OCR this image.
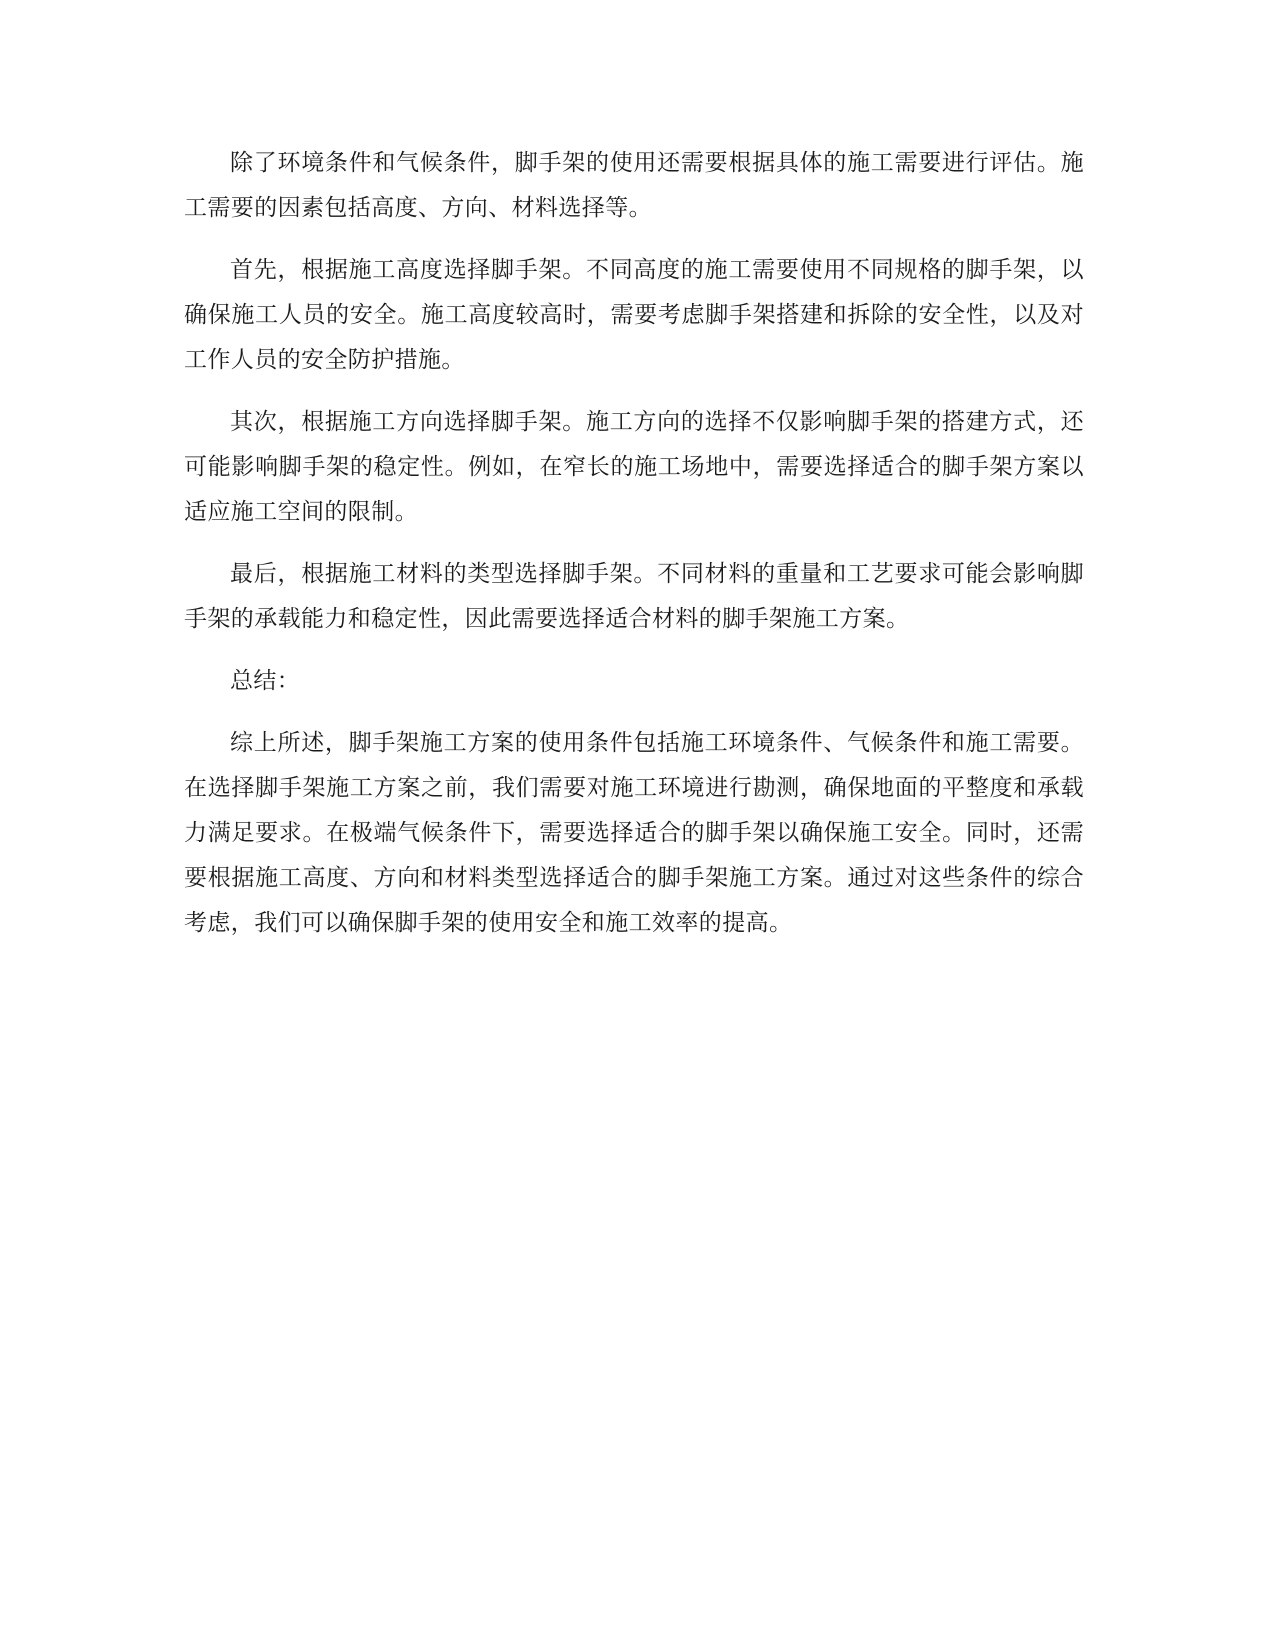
除了环境条件和气候条件，脚手架的使用还需要根据具体的施工需要进行评估。施工需要的因素包括高度、方向、材料选择等。

首先，根据施工高度选择脚手架。不同高度的施工需要使用不同规格的脚手架，以确保施工人员的安全。施工高度较高时，需要考虑脚手架搭建和拆除的安全性，以及对工作人员的安全防护措施。

其次，根据施工方向选择脚手架。施工方向的选择不仅影响脚手架的搭建方式，还可能影响脚手架的稳定性。例如，在窄长的施工场地中，需要选择适合的脚手架方案以适应施工空间的限制。

最后，根据施工材料的类型选择脚手架。不同材料的重量和工艺要求可能会影响脚手架的承载能力和稳定性，因此需要选择适合材料的脚手架施工方案。

总结：

综上所述，脚手架施工方案的使用条件包括施工环境条件、气候条件和施工需要。在选择脚手架施工方案之前，我们需要对施工环境进行勘测，确保地面的平整度和承载力满足要求。在极端气候条件下，需要选择适合的脚手架以确保施工安全。同时，还需要根据施工高度、方向和材料类型选择适合的脚手架施工方案。通过对这些条件的综合考虑，我们可以确保脚手架的使用安全和施工效率的提高。
